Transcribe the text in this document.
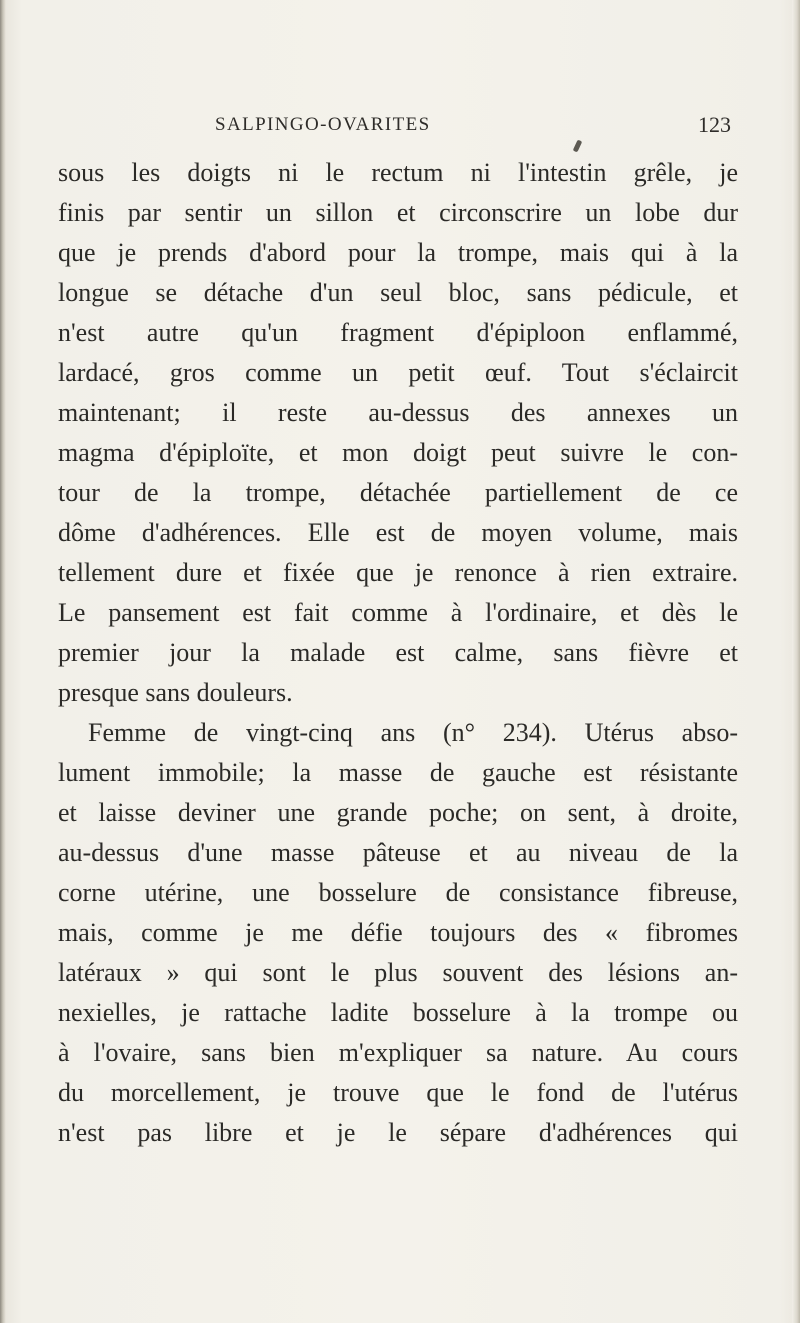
SALPINGO-OVARITES	123
sous les doigts ni le rectum ni l'intestin grêle, je
finis par sentir un sillon et circonscrire un lobe dur
que je prends d'abord pour la trompe, mais qui à la
longue se détache d'un seul bloc, sans pédicule, et
n'est autre qu'un fragment d'épiploon enflammé,
lardacé, gros comme un petit œuf. Tout s'éclaircit
maintenant; il reste au-dessus des annexes un
magma d'épiploïte, et mon doigt peut suivre le con-
tour de la trompe, détachée partiellement de ce
dôme d'adhérences. Elle est de moyen volume, mais
tellement dure et fixée que je renonce à rien extraire.
Le pansement est fait comme à l'ordinaire, et dès le
premier jour la malade est calme, sans fièvre et
presque sans douleurs.
Femme de vingt-cinq ans (n° 234). Utérus abso-
lument immobile; la masse de gauche est résistante
et laisse deviner une grande poche; on sent, à droite,
au-dessus d'une masse pâteuse et au niveau de la
corne utérine, une bosselure de consistance fibreuse,
mais, comme je me défie toujours des « fibromes
latéraux » qui sont le plus souvent des lésions an-
nexielles, je rattache ladite bosselure à la trompe ou
à l'ovaire, sans bien m'expliquer sa nature. Au cours
du morcellement, je trouve que le fond de l'utérus
n'est pas libre et je le sépare d'adhérences qui
